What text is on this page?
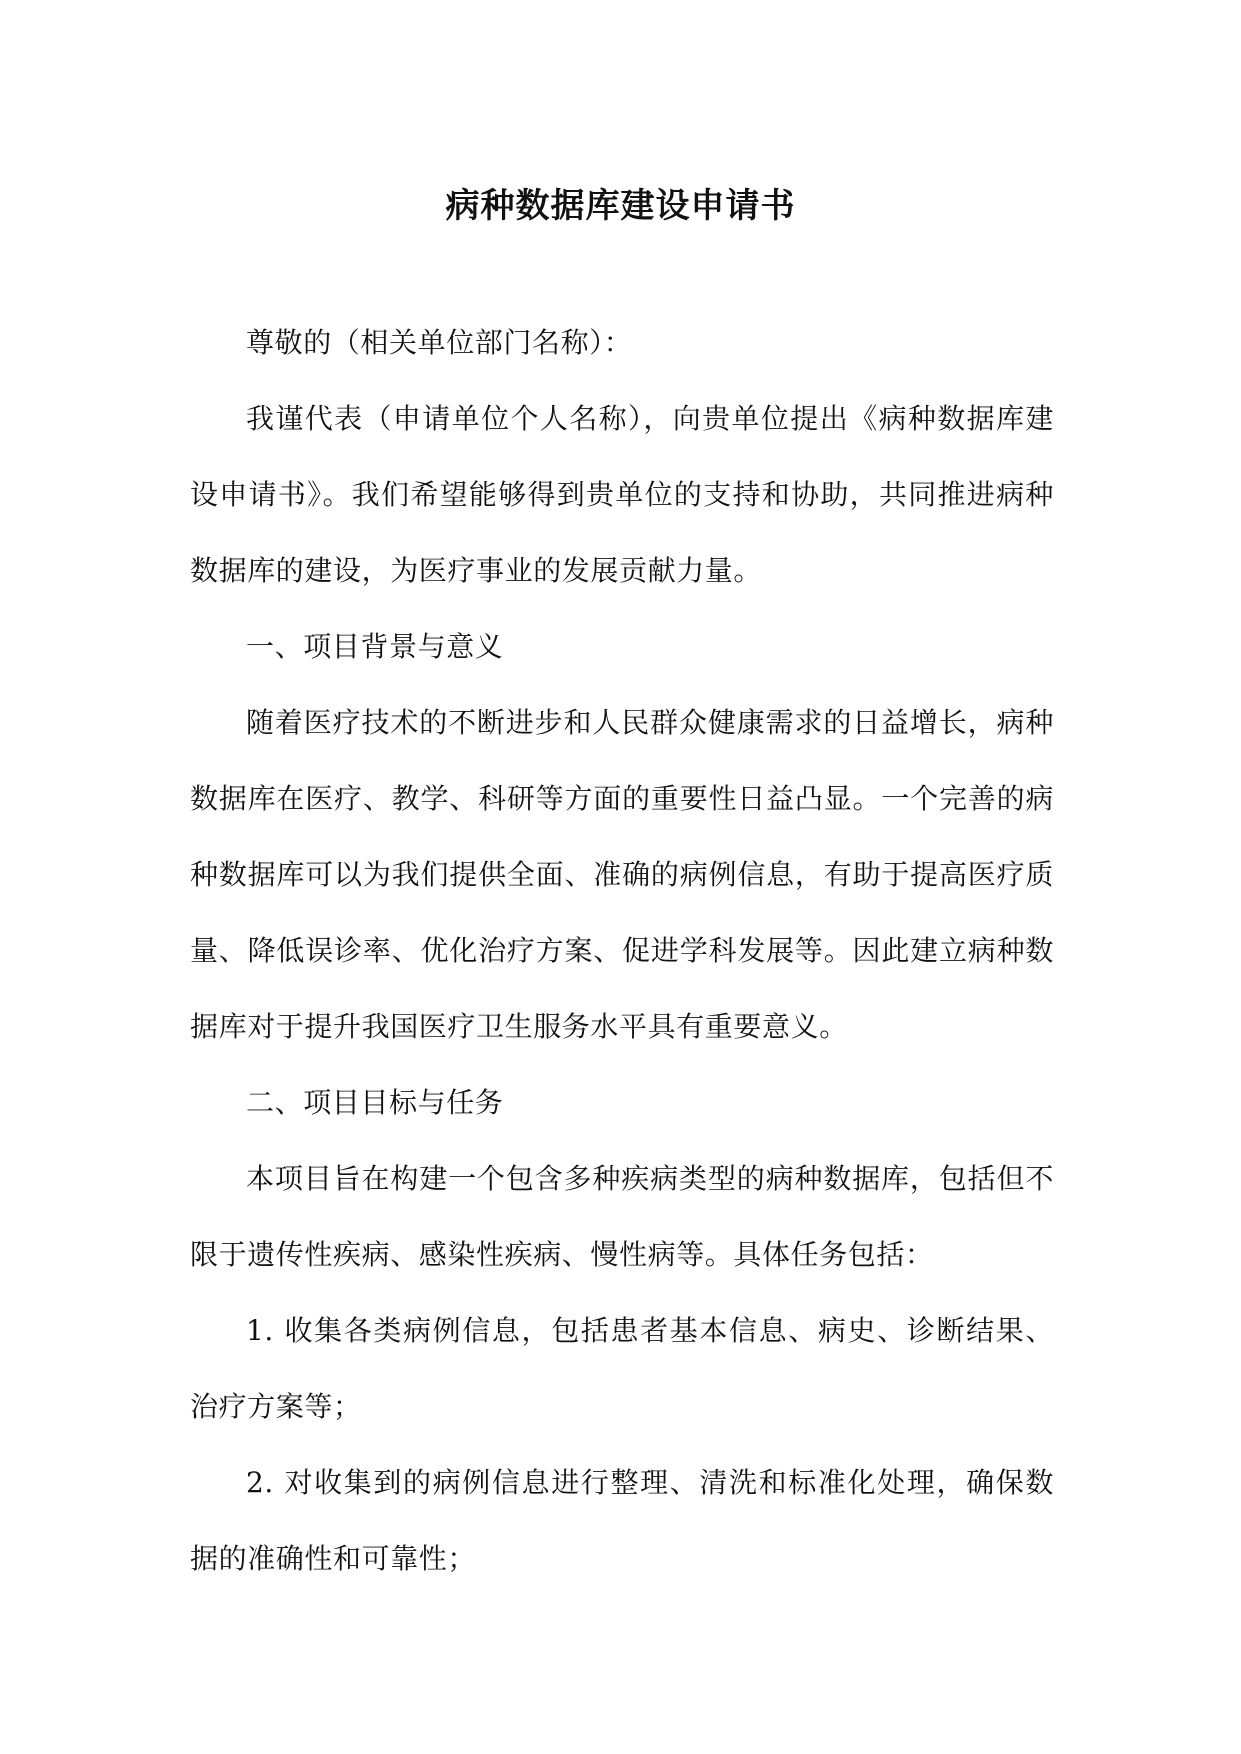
病种数据库建设申请书

尊敬的（相关单位部门名称）：

我谨代表（申请单位个人名称），向贵单位提出《病种数据库建设申请书》。我们希望能够得到贵单位的支持和协助，共同推进病种数据库的建设，为医疗事业的发展贡献力量。

一、项目背景与意义

随着医疗技术的不断进步和人民群众健康需求的日益增长，病种数据库在医疗、教学、科研等方面的重要性日益凸显。一个完善的病种数据库可以为我们提供全面、准确的病例信息，有助于提高医疗质量、降低误诊率、优化治疗方案、促进学科发展等。因此建立病种数据库对于提升我国医疗卫生服务水平具有重要意义。

二、项目目标与任务

本项目旨在构建一个包含多种疾病类型的病种数据库，包括但不限于遗传性疾病、感染性疾病、慢性病等。具体任务包括：

1. 收集各类病例信息，包括患者基本信息、病史、诊断结果、治疗方案等；

2. 对收集到的病例信息进行整理、清洗和标准化处理，确保数据的准确性和可靠性；
